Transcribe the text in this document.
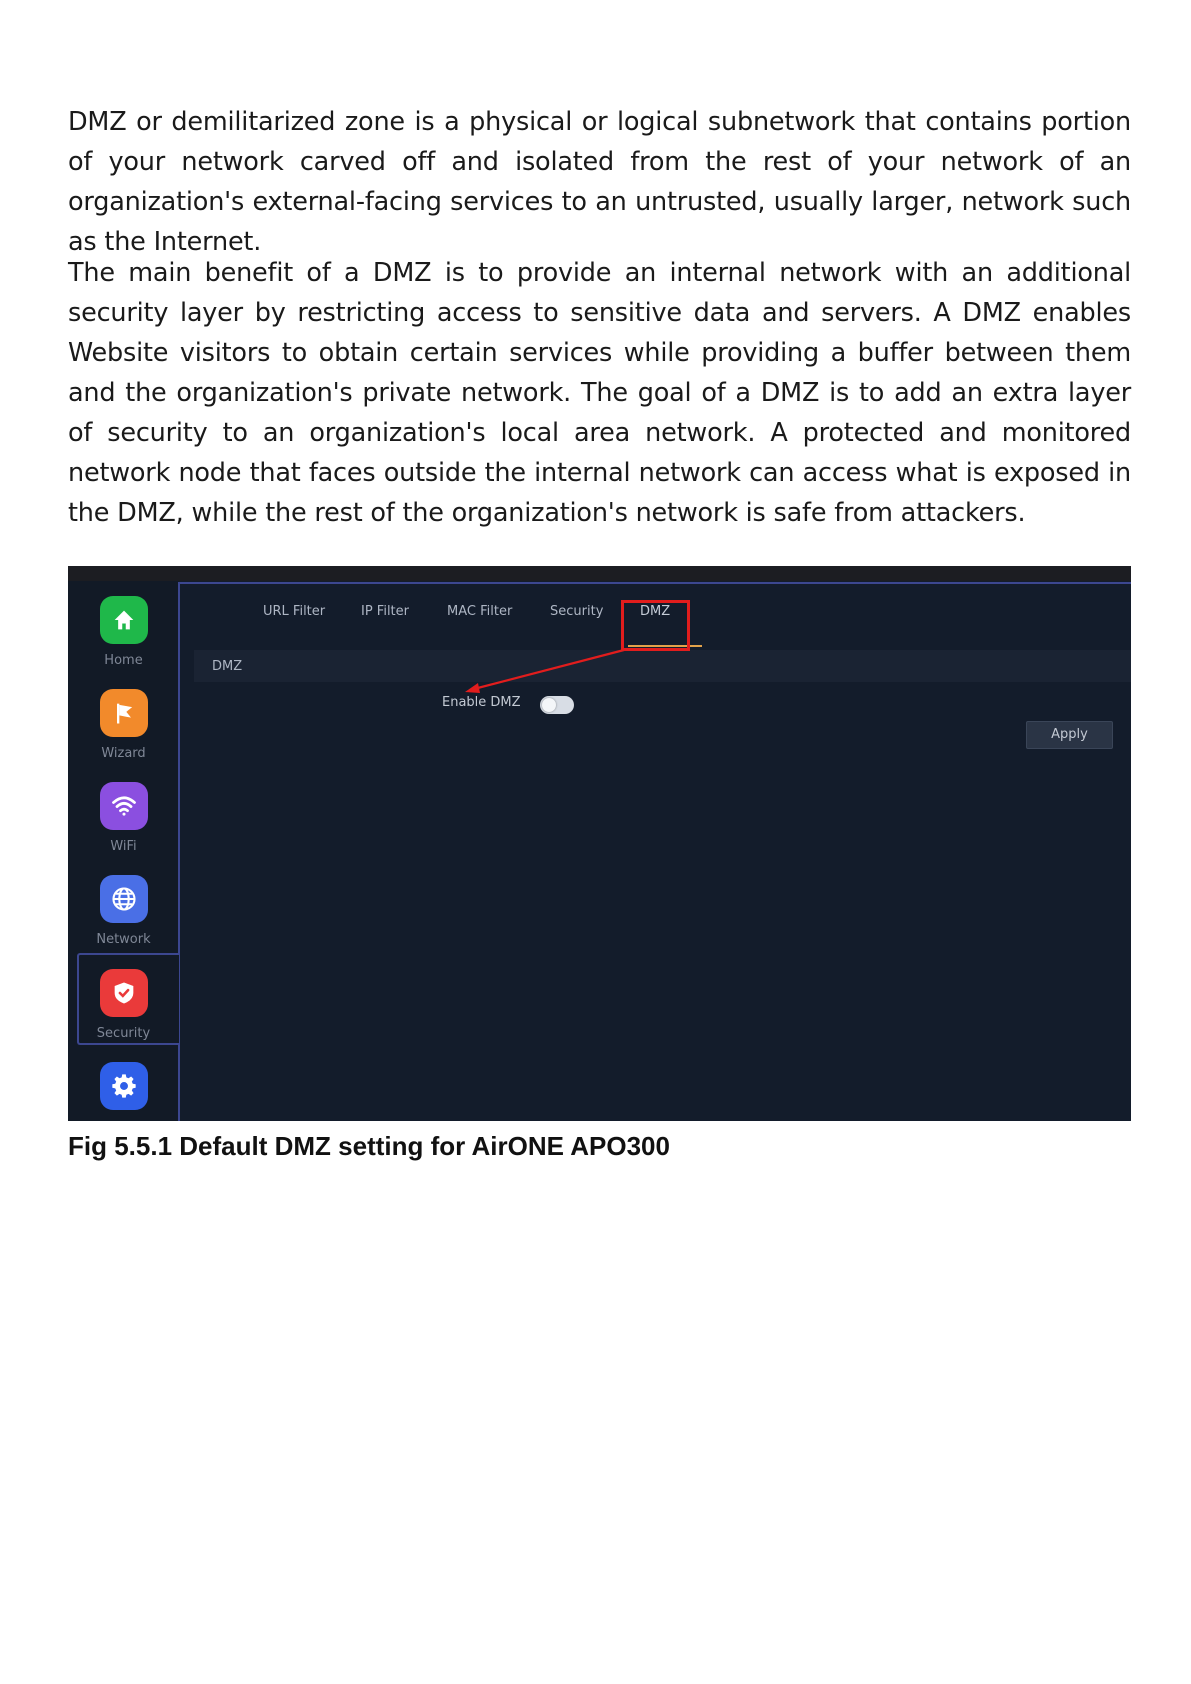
DMZ or demilitarized zone is a physical or logical subnetwork that contains portion of your network carved off and isolated from the rest of your network of an organization's external-facing services to an untrusted, usually larger, network such as the Internet.

The main benefit of a DMZ is to provide an internal network with an additional security layer by restricting access to sensitive data and servers. A DMZ enables Website visitors to obtain certain services while providing a buffer between them and the organization's private network. The goal of a DMZ is to add an extra layer of security to an organization's local area network. A protected and monitored network node that faces outside the internal network can access what is exposed in the DMZ, while the rest of the organization's network is safe from attackers.

Home
Wizard
WiFi
Network
Security
URL Filter	IP Filter	MAC Filter	Security	DMZ
DMZ
Enable DMZ
Apply
Fig 5.5.1 Default DMZ setting for AirONE APO300
